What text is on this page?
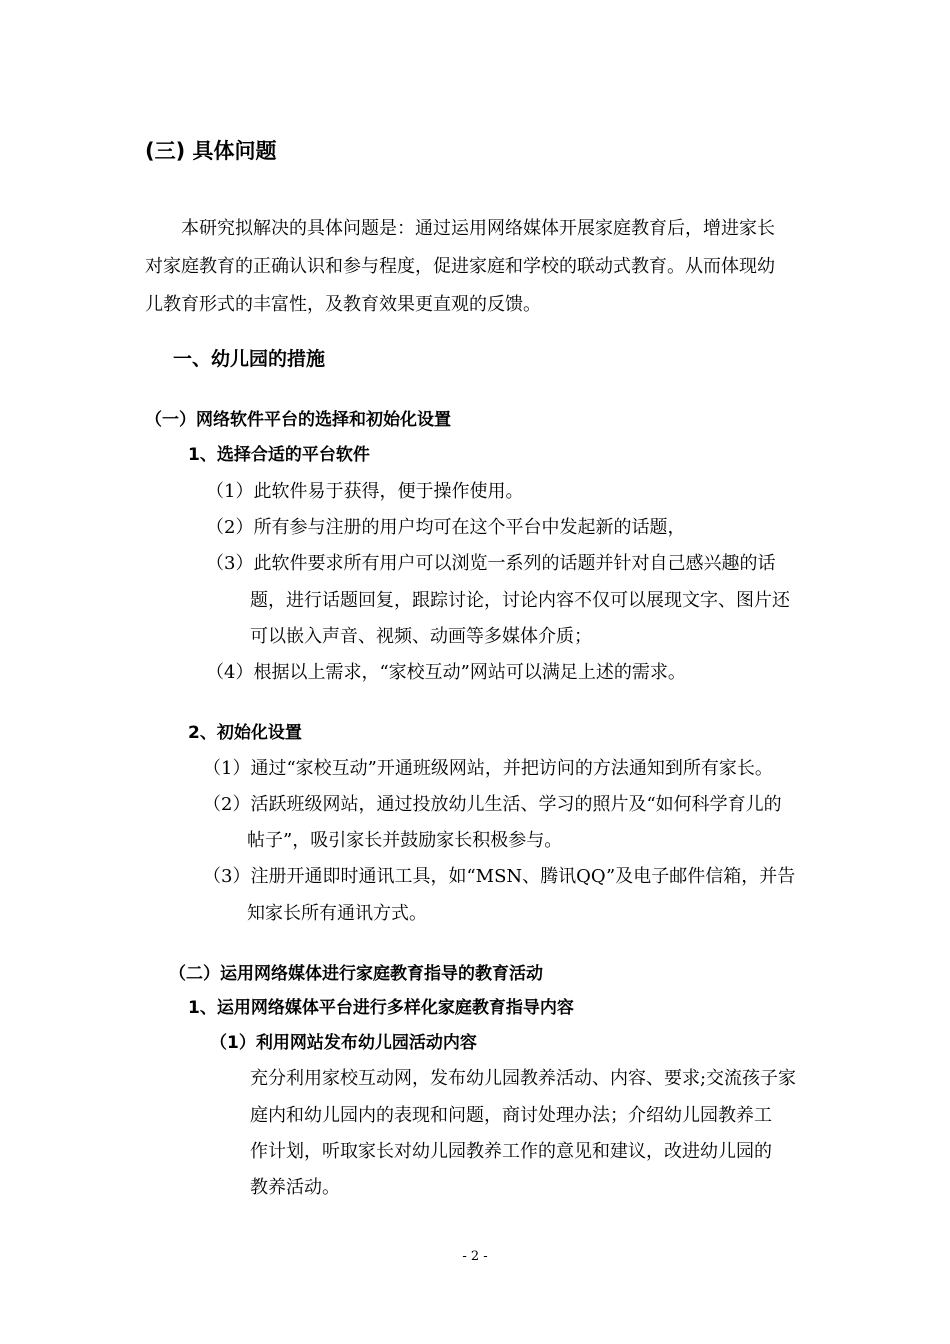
(三) 具体问题

本研究拟解决的具体问题是：通过运用网络媒体开展家庭教育后，增进家长

对家庭教育的正确认识和参与程度，促进家庭和学校的联动式教育。从而体现幼

儿教育形式的丰富性，及教育效果更直观的反馈。

一、幼儿园的措施

（一）网络软件平台的选择和初始化设置

1、选择合适的平台软件

（1）此软件易于获得，便于操作使用。

（2）所有参与注册的用户均可在这个平台中发起新的话题，

（3）此软件要求所有用户可以浏览一系列的话题并针对自己感兴趣的话

题，进行话题回复，跟踪讨论，讨论内容不仅可以展现文字、图片还

可以嵌入声音、视频、动画等多媒体介质；

（4）根据以上需求，“家校互动”网站可以满足上述的需求。

2、初始化设置

（1）通过“家校互动”开通班级网站，并把访问的方法通知到所有家长。

（2）活跃班级网站，通过投放幼儿生活、学习的照片及“如何科学育儿的

帖子”，吸引家长并鼓励家长积极参与。

（3）注册开通即时通讯工具，如“MSN、腾讯QQ”及电子邮件信箱，并告

知家长所有通讯方式。

（二）运用网络媒体进行家庭教育指导的教育活动

1、运用网络媒体平台进行多样化家庭教育指导内容

（1）利用网站发布幼儿园活动内容

充分利用家校互动网，发布幼儿园教养活动、内容、要求;交流孩子家

庭内和幼儿园内的表现和问题，商讨处理办法；介绍幼儿园教养工

作计划，听取家长对幼儿园教养工作的意见和建议，改进幼儿园的

教养活动。

- 2 -
